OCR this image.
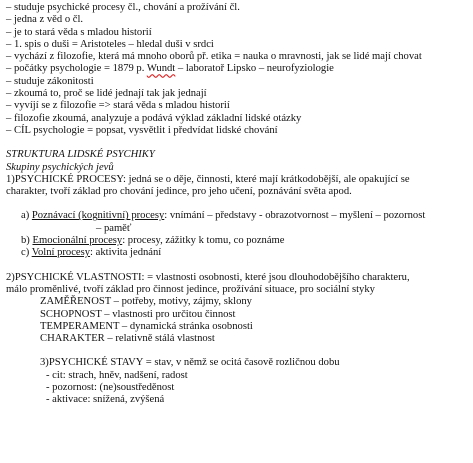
– studuje psychické procesy čl., chování a prožívání čl.
– jedna z věd o čl.
– je to stará věda s mladou historií
– 1. spis o duši = Aristoteles – hledal duši v srdci
– vychází z filozofie, která má mnoho oborů př. etika = nauka o mravnosti, jak se lidé mají chovat
– počátky psychologie = 1879 p. Wundt – laboratoř Lipsko – neurofyziologie
– studuje zákonitosti
– zkoumá to, proč se lidé jednají tak jak jednají
– vyvíjí se z filozofie => stará věda s mladou historií
– filozofie zkoumá, analyzuje a podává výklad základní lidské otázky
– CÍL psychologie = popsat, vysvětlit i předvídat lidské chování
STRUKTURA LIDSKÉ PSYCHIKY
Skupiny psychických jevů
1)PSYCHICKÉ PROCESY: jedná se o děje, činnosti, které mají krátkodobější, ale opakující se
charakter, tvoří základ pro chování jedince, pro jeho učení, poznávání světa apod.
a) Poznávací (kognitivní) procesy: vnímání – představy - obrazotvornost – myšlení – pozornost
– paměť
b) Emocionální procesy: procesy, zážitky k tomu, co poznáme
c) Volní procesy: aktivita jednání
2)PSYCHICKÉ VLASTNOSTI: = vlastnosti osobnosti, které jsou dlouhodobějšího charakteru,
málo proměnlivé, tvoří základ pro činnost jedince, prožívání situace, pro sociální styky
ZAMĚŘENOST – potřeby, motivy, zájmy, sklony
SCHOPNOST – vlastnosti pro určitou činnost
TEMPERAMENT – dynamická stránka osobnosti
CHARAKTER – relativně stálá vlastnost
3)PSYCHICKÉ STAVY = stav, v němž se ocitá časově rozličnou dobu
- cit: strach, hněv, nadšení, radost
- pozornost: (ne)soustředěnost
- aktivace: snížená, zvýšená
